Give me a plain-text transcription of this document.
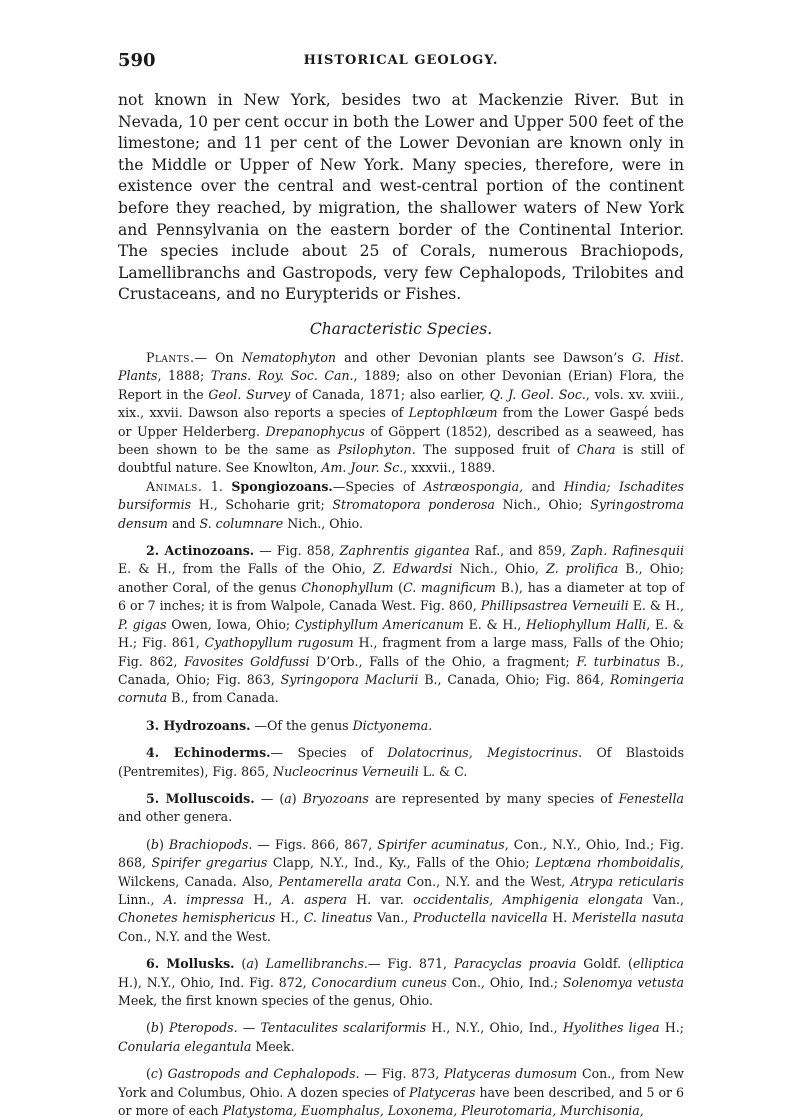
590	HISTORICAL GEOLOGY.

not known in New York, besides two at Mackenzie River. But in Nevada, 10 per cent occur in both the Lower and Upper 500 feet of the limestone; and 11 per cent of the Lower Devonian are known only in the Middle or Upper of New York. Many species, therefore, were in existence over the central and west-central portion of the continent before they reached, by migration, the shallower waters of New York and Pennsylvania on the eastern border of the Continental Interior. The species include about 25 of Corals, numerous Brachiopods, Lamellibranchs and Gastropods, very few Cephalopods, Trilobites and Crustaceans, and no Eurypterids or Fishes.

Characteristic Species.

Plants.— On Nematophyton and other Devonian plants see Dawson’s G. Hist. Plants, 1888; Trans. Roy. Soc. Can., 1889; also on other Devonian (Erian) Flora, the Report in the Geol. Survey of Canada, 1871; also earlier, Q. J. Geol. Soc., vols. xv. xviii., xix., xxvii. Dawson also reports a species of Leptophlœum from the Lower Gaspé beds or Upper Helderberg. Drepanophycus of Göppert (1852), described as a seaweed, has been shown to be the same as Psilophyton. The supposed fruit of Chara is still of doubtful nature. See Knowlton, Am. Jour. Sc., xxxvii., 1889.

Animals. 1. Spongiozoans.—Species of Astræospongia, and Hindia; Ischadites bursiformis H., Schoharie grit; Stromatopora ponderosa Nich., Ohio; Syringostroma densum and S. columnare Nich., Ohio.

2. Actinozoans. — Fig. 858, Zaphrentis gigantea Raf., and 859, Zaph. Rafinesquii E. & H., from the Falls of the Ohio, Z. Edwardsi Nich., Ohio, Z. prolifica B., Ohio; another Coral, of the genus Chonophyllum (C. magnificum B.), has a diameter at top of 6 or 7 inches; it is from Walpole, Canada West. Fig. 860, Phillipsastrea Verneuili E. & H., P. gigas Owen, Iowa, Ohio; Cystiphyllum Americanum E. & H., Heliophyllum Halli, E. & H.; Fig. 861, Cyathopyllum rugosum H., fragment from a large mass, Falls of the Ohio; Fig. 862, Favosites Goldfussi D’Orb., Falls of the Ohio, a fragment; F. turbinatus B., Canada, Ohio; Fig. 863, Syringopora Maclurii B., Canada, Ohio; Fig. 864, Romingeria cornuta B., from Canada.

3. Hydrozoans. —Of the genus Dictyonema.

4. Echinoderms.— Species of Dolatocrinus, Megistocrinus. Of Blastoids (Pentremites), Fig. 865, Nucleocrinus Verneuili L. & C.

5. Molluscoids. — (a) Bryozoans are represented by many species of Fenestella and other genera.

(b) Brachiopods. — Figs. 866, 867, Spirifer acuminatus, Con., N.Y., Ohio, Ind.; Fig. 868, Spirifer gregarius Clapp, N.Y., Ind., Ky., Falls of the Ohio; Leptæna rhomboidalis, Wilckens, Canada. Also, Pentamerella arata Con., N.Y. and the West, Atrypa reticularis Linn., A. impressa H., A. aspera H. var. occidentalis, Amphigenia elongata Van., Chonetes hemisphericus H., C. lineatus Van., Productella navicella H. Meristella nasuta Con., N.Y. and the West.

6. Mollusks. (a) Lamellibranchs.— Fig. 871, Paracyclas proavia Goldf. (elliptica H.), N.Y., Ohio, Ind. Fig. 872, Conocardium cuneus Con., Ohio, Ind.; Solenomya vetusta Meek, the first known species of the genus, Ohio.

(b) Pteropods. — Tentaculites scalariformis H., N.Y., Ohio, Ind., Hyolithes ligea H.; Conularia elegantula Meek.

(c) Gastropods and Cephalopods. — Fig. 873, Platyceras dumosum Con., from New York and Columbus, Ohio. A dozen species of Platyceras have been described, and 5 or 6 or more of each Platystoma, Euomphalus, Loxonema, Pleurotomaria, Murchisonia,
